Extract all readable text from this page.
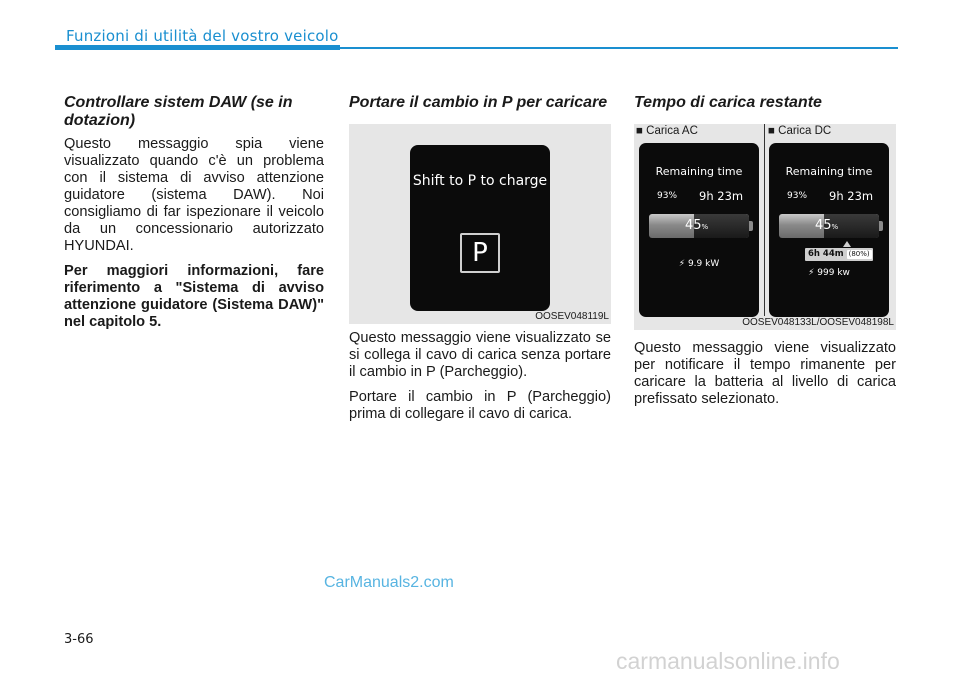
Funzioni di utilità del vostro veicolo
Controllare sistem DAW (se in dotazion)

Questo messaggio spia viene visualizzato quando c'è un problema con il sistema di avviso attenzione guidatore (sistema DAW). Noi consigliamo di far ispezionare il veicolo da un concessionario autorizzato HYUNDAI.

Per maggiori informazioni, fare riferimento a "Sistema di avviso attenzione guidatore (Sistema DAW)" nel capitolo 5.

Portare il cambio in P per caricare
Shift to P to charge
P
OOSEV048119L

Questo messaggio viene visualizzato se si collega il cavo di carica senza portare il cambio in P (Parcheggio).

Portare il cambio in P (Parcheggio) prima di collegare il cavo di carica.

Tempo di carica restante
■ Carica AC	■ Carica DC
Remaining time
93% 9h 23m
45%
⚡ 9.9 kW
Remaining time
93% 9h 23m
45%
6h 44m (80%)
⚡ 999 kw
OOSEV048133L/OOSEV048198L

Questo messaggio viene visualizzato per notificare il tempo rimanente per caricare la batteria al livello di carica prefissato selezionato.

CarManuals2.com
3-66
carmanualsonline.info
